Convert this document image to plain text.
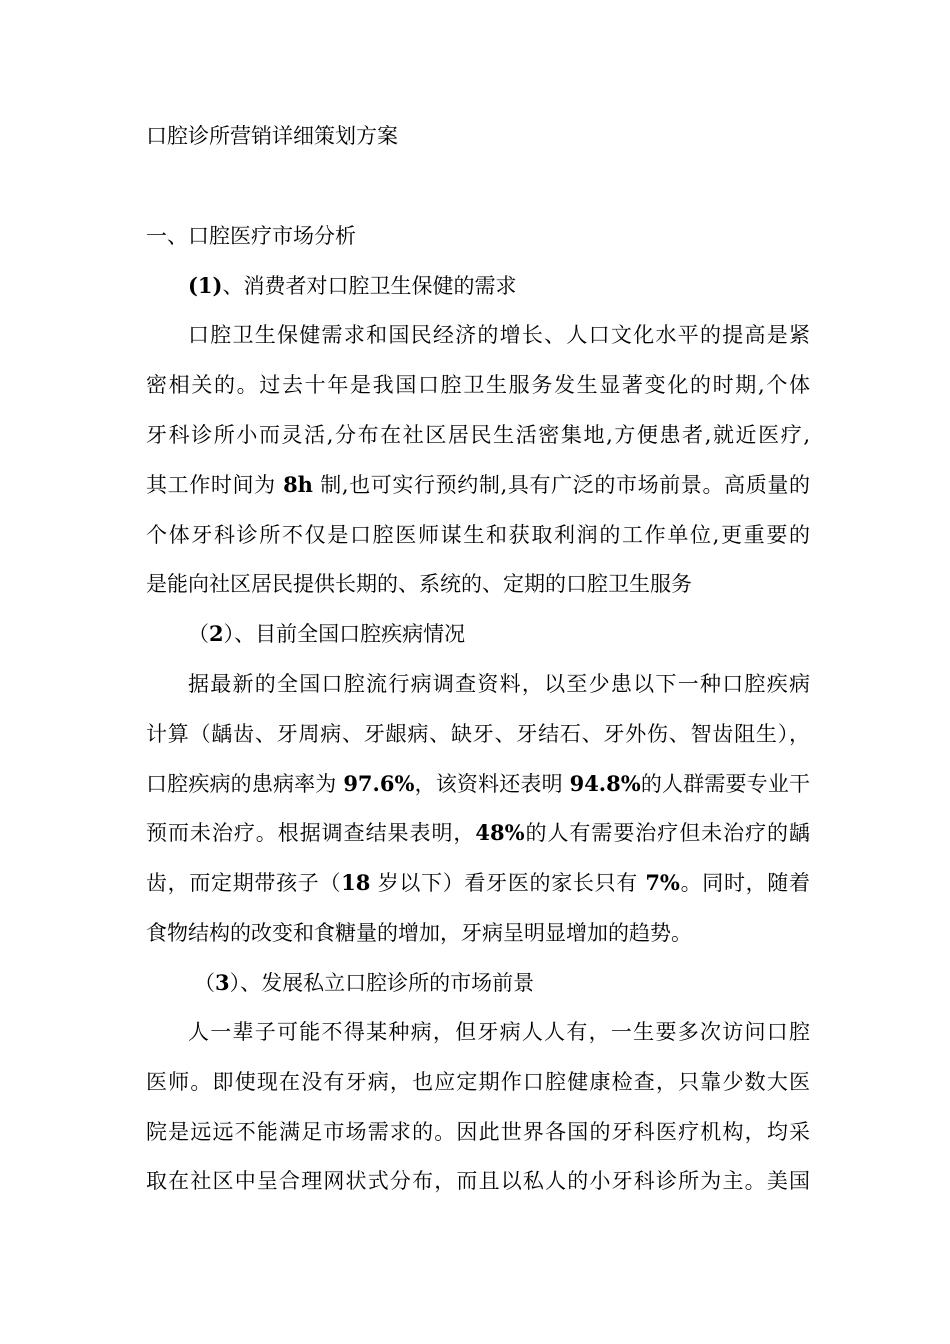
口腔诊所营销详细策划方案
一、口腔医疗市场分析
(1)、消费者对口腔卫生保健的需求
口腔卫生保健需求和国民经济的增长、人口文化水平的提高是紧
密相关的。过去十年是我国口腔卫生服务发生显著变化的时期,个体
牙科诊所小而灵活,分布在社区居民生活密集地,方便患者,就近医疗,
其工作时间为 8h 制,也可实行预约制,具有广泛的市场前景。高质量的
个体牙科诊所不仅是口腔医师谋生和获取利润的工作单位,更重要的
是能向社区居民提供长期的、系统的、定期的口腔卫生服务
（2）、目前全国口腔疾病情况
据最新的全国口腔流行病调查资料，以至少患以下一种口腔疾病
计算（龋齿、牙周病、牙龈病、缺牙、牙结石、牙外伤、智齿阻生），
口腔疾病的患病率为 97.6%，该资料还表明 94.8%的人群需要专业干
预而未治疗。根据调查结果表明，48%的人有需要治疗但未治疗的龋
齿，而定期带孩子（18 岁以下）看牙医的家长只有 7%。同时，随着
食物结构的改变和食糖量的增加，牙病呈明显增加的趋势。
（3）、发展私立口腔诊所的市场前景
人一辈子可能不得某种病，但牙病人人有，一生要多次访问口腔
医师。即使现在没有牙病，也应定期作口腔健康检查，只靠少数大医
院是远远不能满足市场需求的。因此世界各国的牙科医疗机构，均采
取在社区中呈合理网状式分布，而且以私人的小牙科诊所为主。美国
